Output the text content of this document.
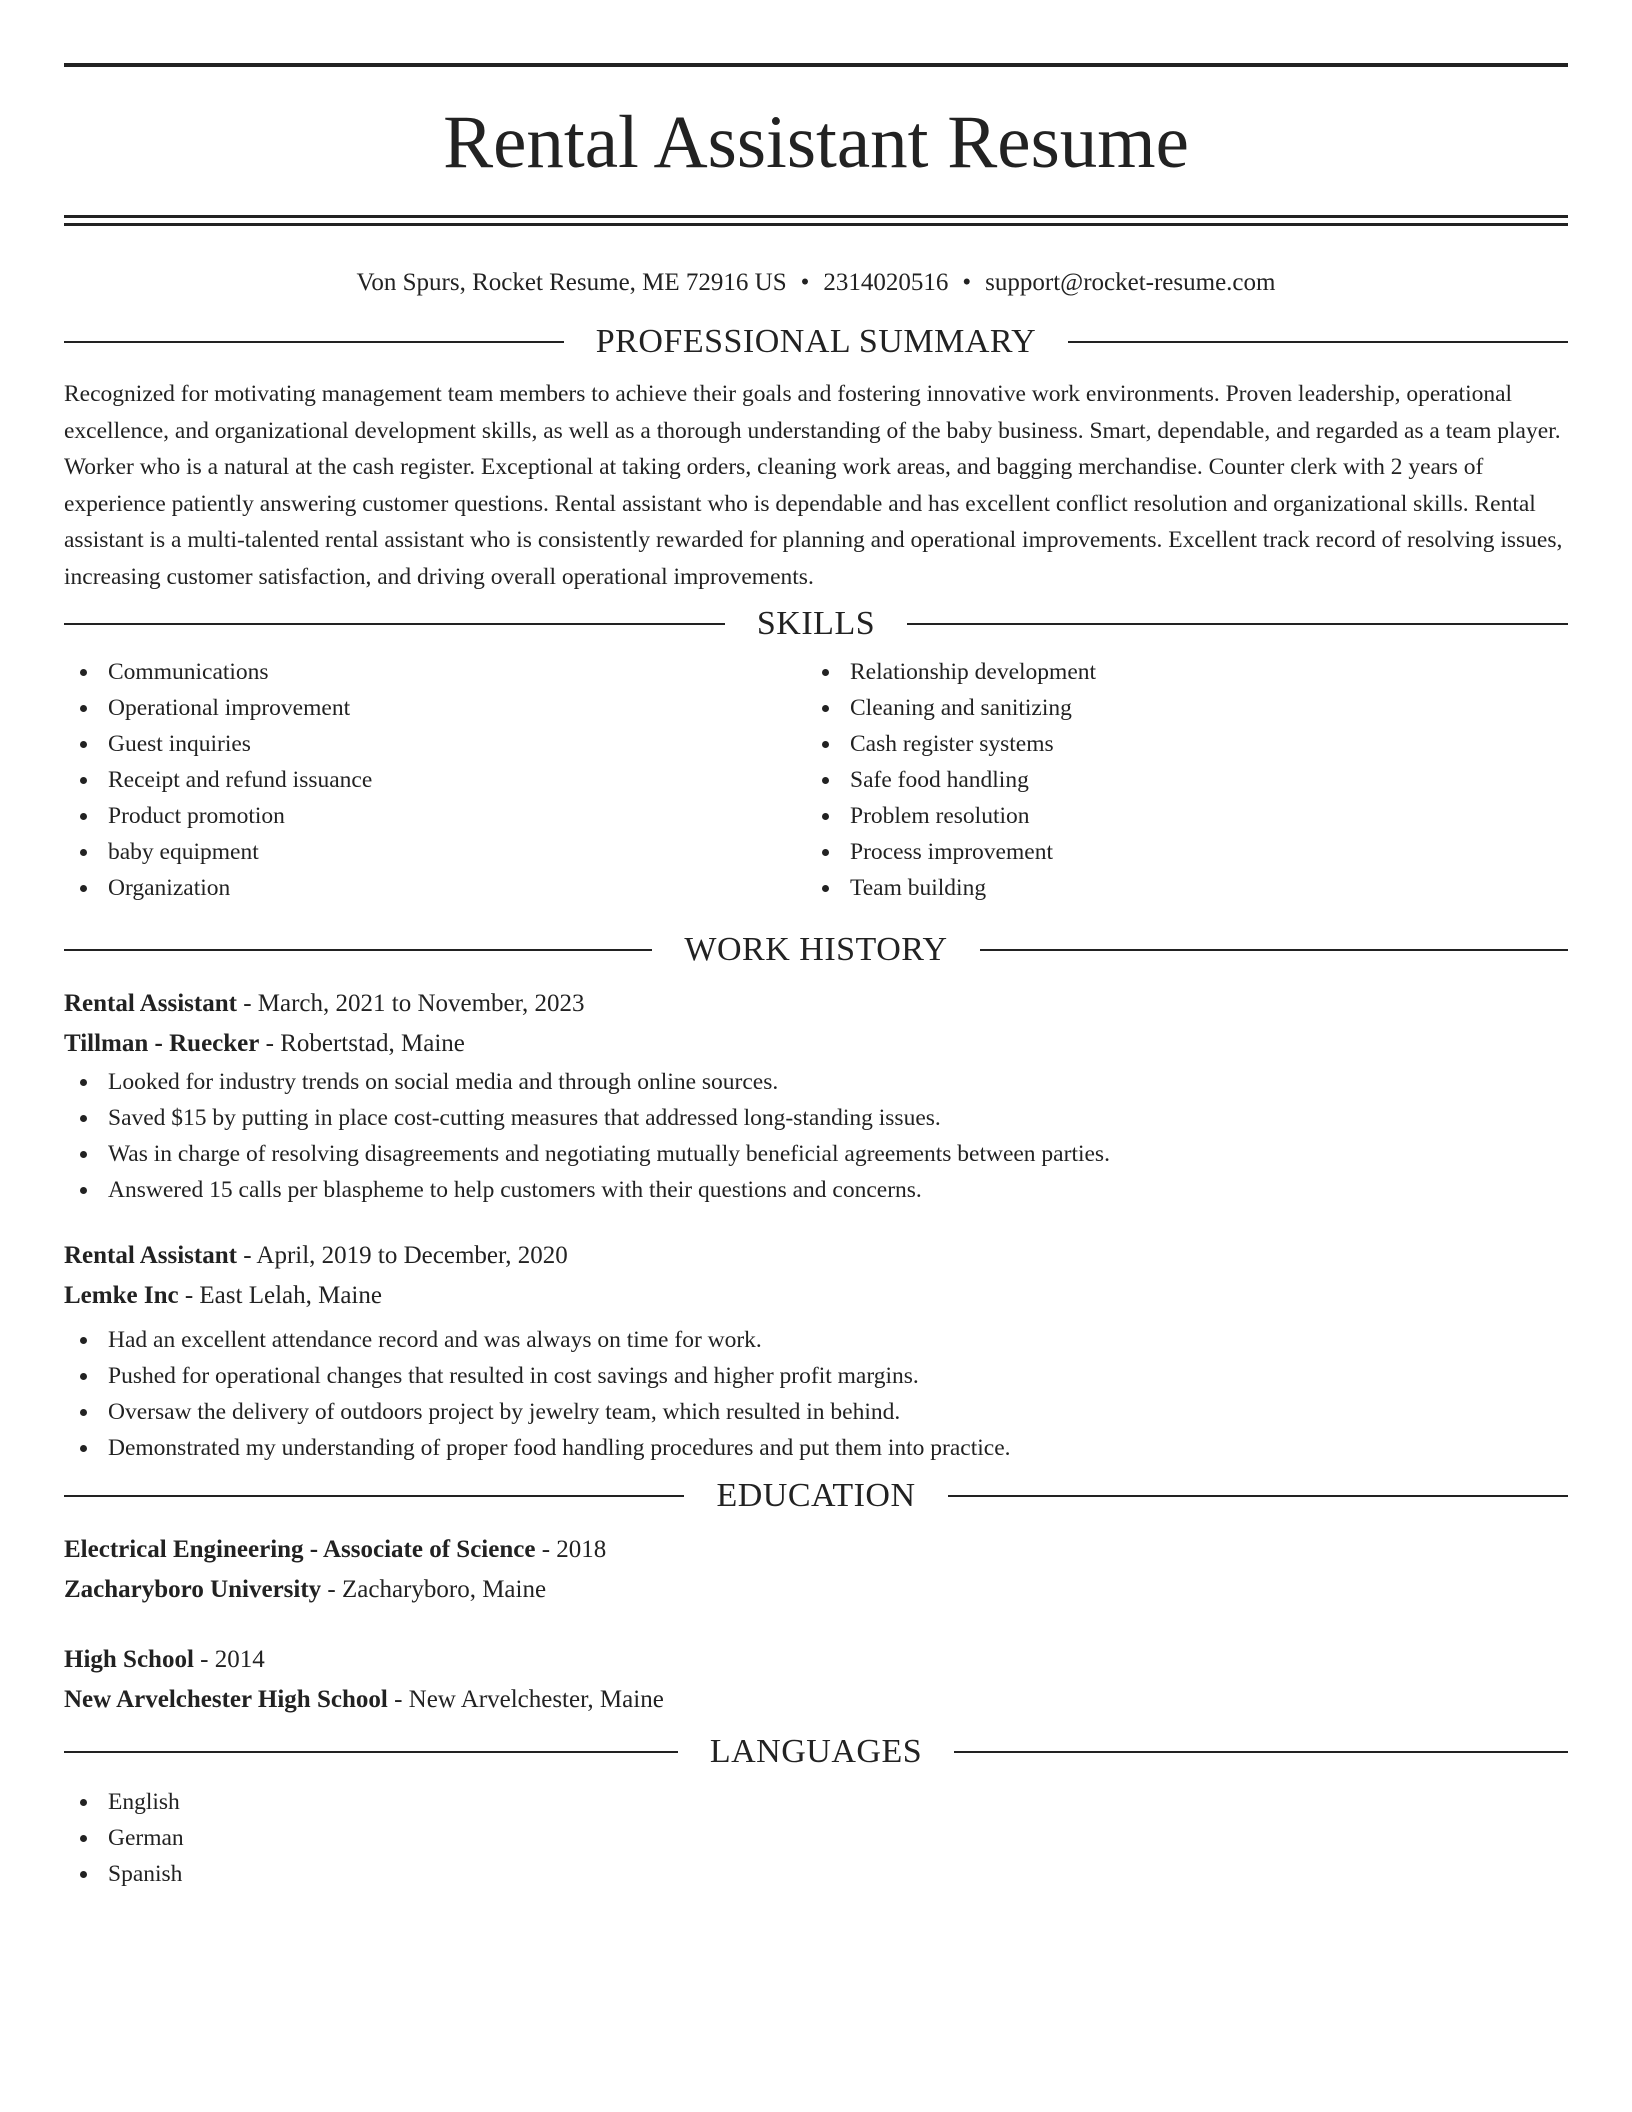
Rental Assistant Resume
Von Spurs, Rocket Resume, ME 72916 US • 2314020516 • support@rocket-resume.com
PROFESSIONAL SUMMARY

Recognized for motivating management team members to achieve their goals and fostering innovative work environments. Proven leadership, operational excellence, and organizational development skills, as well as a thorough understanding of the baby business. Smart, dependable, and regarded as a team player. Worker who is a natural at the cash register. Exceptional at taking orders, cleaning work areas, and bagging merchandise. Counter clerk with 2 years of experience patiently answering customer questions. Rental assistant who is dependable and has excellent conflict resolution and organizational skills. Rental assistant is a multi-talented rental assistant who is consistently rewarded for planning and operational improvements. Excellent track record of resolving issues, increasing customer satisfaction, and driving overall operational improvements.

SKILLS
Communications
Operational improvement
Guest inquiries
Receipt and refund issuance
Product promotion
baby equipment
Organization
Relationship development
Cleaning and sanitizing
Cash register systems
Safe food handling
Problem resolution
Process improvement
Team building
WORK HISTORY
Rental Assistant - March, 2021 to November, 2023
Tillman - Ruecker - Robertstad, Maine
Looked for industry trends on social media and through online sources.
Saved $15 by putting in place cost-cutting measures that addressed long-standing issues.
Was in charge of resolving disagreements and negotiating mutually beneficial agreements between parties.
Answered 15 calls per blaspheme to help customers with their questions and concerns.
Rental Assistant - April, 2019 to December, 2020
Lemke Inc - East Lelah, Maine
Had an excellent attendance record and was always on time for work.
Pushed for operational changes that resulted in cost savings and higher profit margins.
Oversaw the delivery of outdoors project by jewelry team, which resulted in behind.
Demonstrated my understanding of proper food handling procedures and put them into practice.
EDUCATION
Electrical Engineering - Associate of Science - 2018
Zacharyboro University - Zacharyboro, Maine
High School - 2014
New Arvelchester High School - New Arvelchester, Maine
LANGUAGES
English
German
Spanish
